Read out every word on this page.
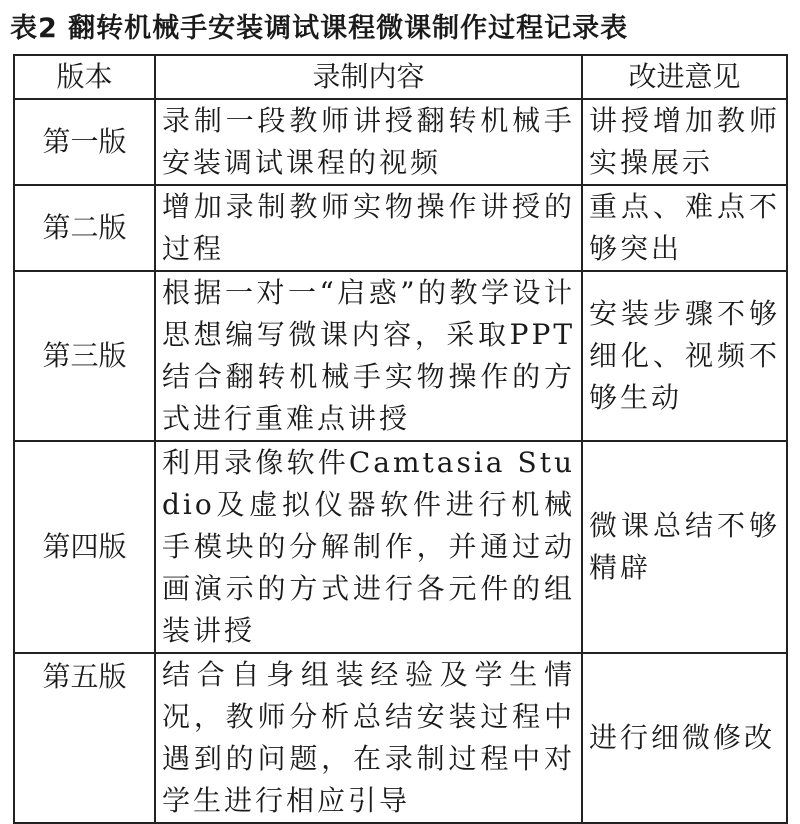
表2 翻转机械手安装调试课程微课制作过程记录表
版本	录制内容	改进意见
第一版	录制一段教师讲授翻转机械手安装调试课程的视频	讲授增加教师实操展示
第二版	增加录制教师实物操作讲授的过程	重点、难点不够突出
第三版	根据一对一“启惑”的教学设计思想编写微课内容，采取PPT结合翻转机械手实物操作的方式进行重难点讲授	安装步骤不够细化、视频不够生动
第四版	利用录像软件Camtasia Studio及虚拟仪器软件进行机械手模块的分解制作，并通过动画演示的方式进行各元件的组装讲授	微课总结不够精辟
第五版	结合自身组装经验及学生情况，教师分析总结安装过程中遇到的问题，在录制过程中对学生进行相应引导	进行细微修改
